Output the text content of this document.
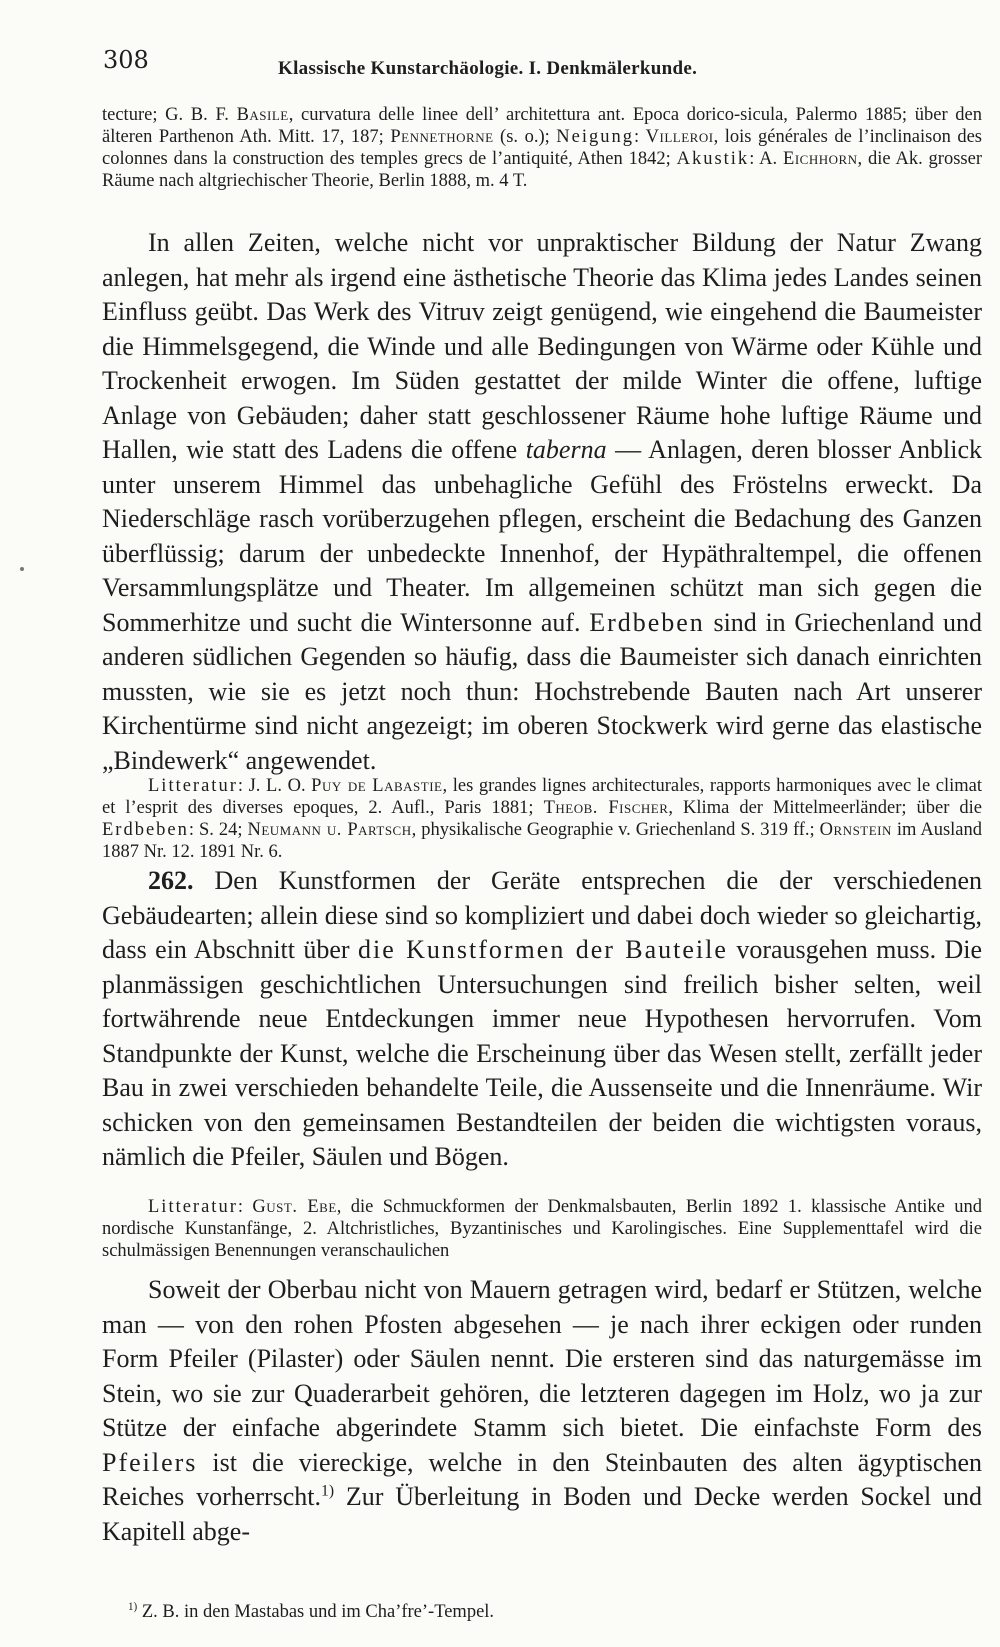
308	Klassische Kunstarchäologie. I. Denkmälerkunde.
tecture; G. B. F. Basile, curvatura delle linee dell’ architettura ant. Epoca dorico-sicula, Palermo 1885; über den älteren Parthenon Ath. Mitt. 17, 187; Pennethorne (s. o.); Neigung: Villeroi, lois générales de l’inclinaison des colonnes dans la construction des temples grecs de l’antiquité, Athen 1842; Akustik: A. Eichhorn, die Ak. grosser Räume nach altgriechischer Theorie, Berlin 1888, m. 4 T.
In allen Zeiten, welche nicht vor unpraktischer Bildung der Natur Zwang anlegen, hat mehr als irgend eine ästhetische Theorie das Klima jedes Landes seinen Einfluss geübt. Das Werk des Vitruv zeigt genügend, wie eingehend die Baumeister die Himmelsgegend, die Winde und alle Bedingungen von Wärme oder Kühle und Trockenheit erwogen. Im Süden gestattet der milde Winter die offene, luftige Anlage von Gebäuden; daher statt geschlossener Räume hohe luftige Räume und Hallen, wie statt des Ladens die offene taberna — Anlagen, deren blosser Anblick unter unserem Himmel das unbehagliche Gefühl des Fröstelns erweckt. Da Niederschläge rasch vorüberzugehen pflegen, erscheint die Bedachung des Ganzen überflüssig; darum der unbedeckte Innenhof, der Hypäthraltempel, die offenen Versammlungsplätze und Theater. Im allgemeinen schützt man sich gegen die Sommerhitze und sucht die Wintersonne auf. Erdbeben sind in Griechenland und anderen südlichen Gegenden so häufig, dass die Baumeister sich danach einrichten mussten, wie sie es jetzt noch thun: Hochstrebende Bauten nach Art unserer Kirchentürme sind nicht angezeigt; im oberen Stockwerk wird gerne das elastische „Bindewerk“ angewendet.
Litteratur: J. L. O. Puy de Labastie, les grandes lignes architecturales, rapports harmoniques avec le climat et l’esprit des diverses epoques, 2. Aufl., Paris 1881; Theob. Fischer, Klima der Mittelmeerländer; über die Erdbeben: S. 24; Neumann u. Partsch, physikalische Geographie v. Griechenland S. 319 ff.; Ornstein im Ausland 1887 Nr. 12. 1891 Nr. 6.
262. Den Kunstformen der Geräte entsprechen die der verschiedenen Gebäudearten; allein diese sind so kompliziert und dabei doch wieder so gleichartig, dass ein Abschnitt über die Kunstformen der Bauteile vorausgehen muss. Die planmässigen geschichtlichen Untersuchungen sind freilich bisher selten, weil fortwährende neue Entdeckungen immer neue Hypothesen hervorrufen. Vom Standpunkte der Kunst, welche die Erscheinung über das Wesen stellt, zerfällt jeder Bau in zwei verschieden behandelte Teile, die Aussenseite und die Innenräume. Wir schicken von den gemeinsamen Bestandteilen der beiden die wichtigsten voraus, nämlich die Pfeiler, Säulen und Bögen.
Litteratur: Gust. Ebe, die Schmuckformen der Denkmalsbauten, Berlin 1892 1. klassische Antike und nordische Kunstanfänge, 2. Altchristliches, Byzantinisches und Karolingisches. Eine Supplementtafel wird die schulmässigen Benennungen veranschaulichen
Soweit der Oberbau nicht von Mauern getragen wird, bedarf er Stützen, welche man — von den rohen Pfosten abgesehen — je nach ihrer eckigen oder runden Form Pfeiler (Pilaster) oder Säulen nennt. Die ersteren sind das naturgemässe im Stein, wo sie zur Quaderarbeit gehören, die letzteren dagegen im Holz, wo ja zur Stütze der einfache abgerindete Stamm sich bietet. Die einfachste Form des Pfeilers ist die viereckige, welche in den Steinbauten des alten ägyptischen Reiches vorherrscht.$^{1)}$ Zur Überleitung in Boden und Decke werden Sockel und Kapitell abge-
$^{1)}$ Z. B. in den Mastabas und im Cha’fre’-Tempel.
